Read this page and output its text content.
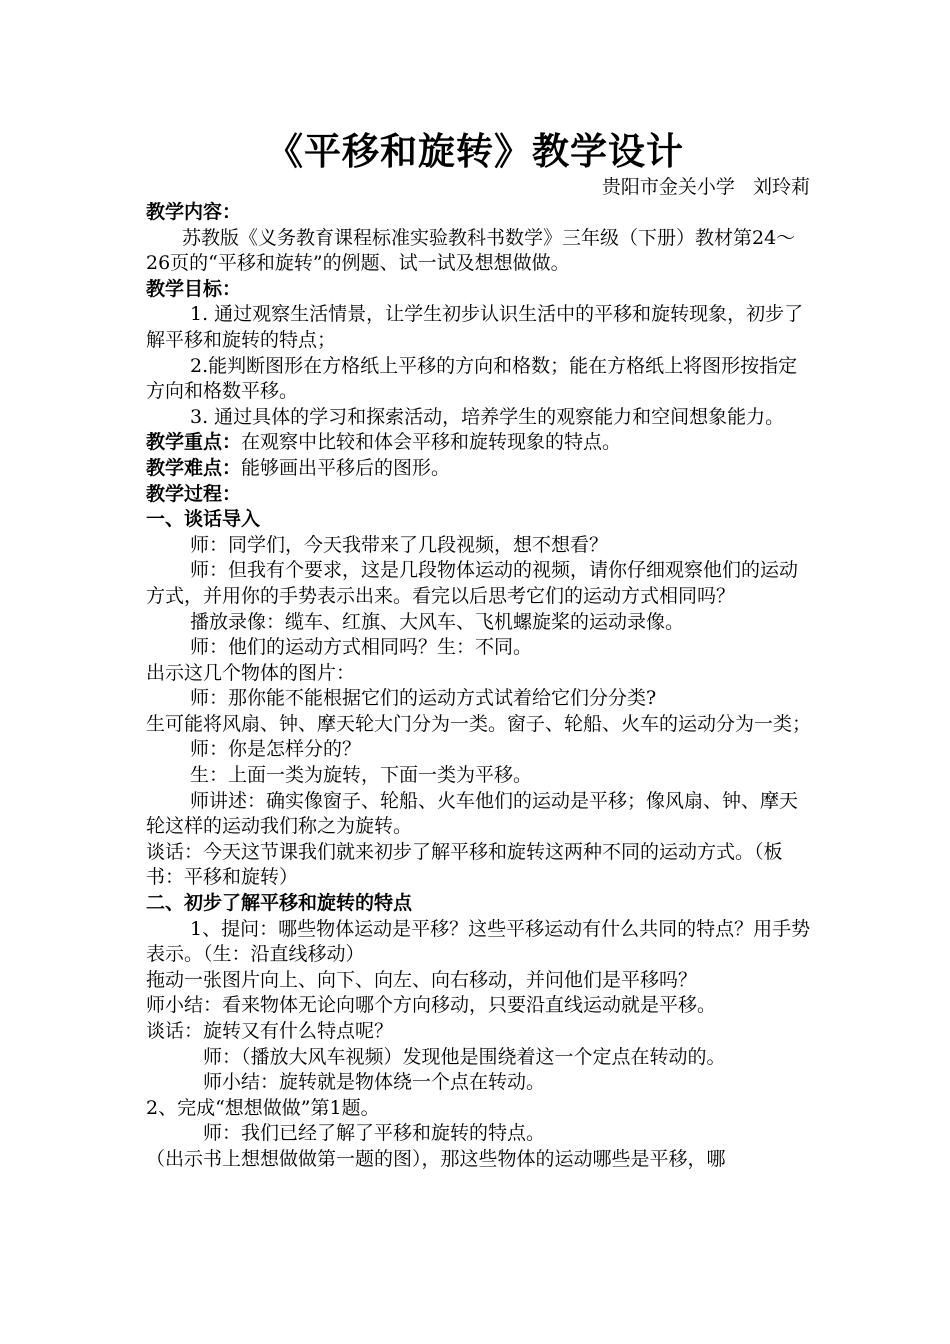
《平移和旋转》教学设计
贵阳市金关小学   刘玲莉

教学内容：

苏教版《义务教育课程标准实验教科书数学》三年级（下册）教材第24～26页的“平移和旋转”的例题、试一试及想想做做。

教学目标：

1. 通过观察生活情景，让学生初步认识生活中的平移和旋转现象，初步了解平移和旋转的特点；

2.能判断图形在方格纸上平移的方向和格数；能在方格纸上将图形按指定方向和格数平移。

3. 通过具体的学习和探索活动，培养学生的观察能力和空间想象能力。

教学重点：在观察中比较和体会平移和旋转现象的特点。

教学难点：能够画出平移后的图形。

教学过程：

一、谈话导入

师：同学们，今天我带来了几段视频，想不想看？

师：但我有个要求，这是几段物体运动的视频，请你仔细观察他们的运动方式，并用你的手势表示出来。看完以后思考它们的运动方式相同吗？

播放录像：缆车、红旗、大风车、飞机螺旋桨的运动录像。

师：他们的运动方式相同吗？生：不同。

出示这几个物体的图片：

师：那你能不能根据它们的运动方式试着给它们分分类?

生可能将风扇、钟、摩天轮大门分为一类。窗子、轮船、火车的运动分为一类；

师：你是怎样分的？

生：上面一类为旋转，下面一类为平移。

师讲述：确实像窗子、轮船、火车他们的运动是平移；像风扇、钟、摩天轮这样的运动我们称之为旋转。

谈话：今天这节课我们就来初步了解平移和旋转这两种不同的运动方式。（板书：平移和旋转）

二、初步了解平移和旋转的特点

1、提问：哪些物体运动是平移？这些平移运动有什么共同的特点？用手势表示。（生：沿直线移动）

拖动一张图片向上、向下、向左、向右移动，并问他们是平移吗？

师小结：看来物体无论向哪个方向移动，只要沿直线运动就是平移。

谈话：旋转又有什么特点呢？

师：（播放大风车视频）发现他是围绕着这一个定点在转动的。

师小结：旋转就是物体绕一个点在转动。

2、完成“想想做做”第1题。

师：我们已经了解了平移和旋转的特点。

（出示书上想想做做第一题的图），那这些物体的运动哪些是平移，哪
